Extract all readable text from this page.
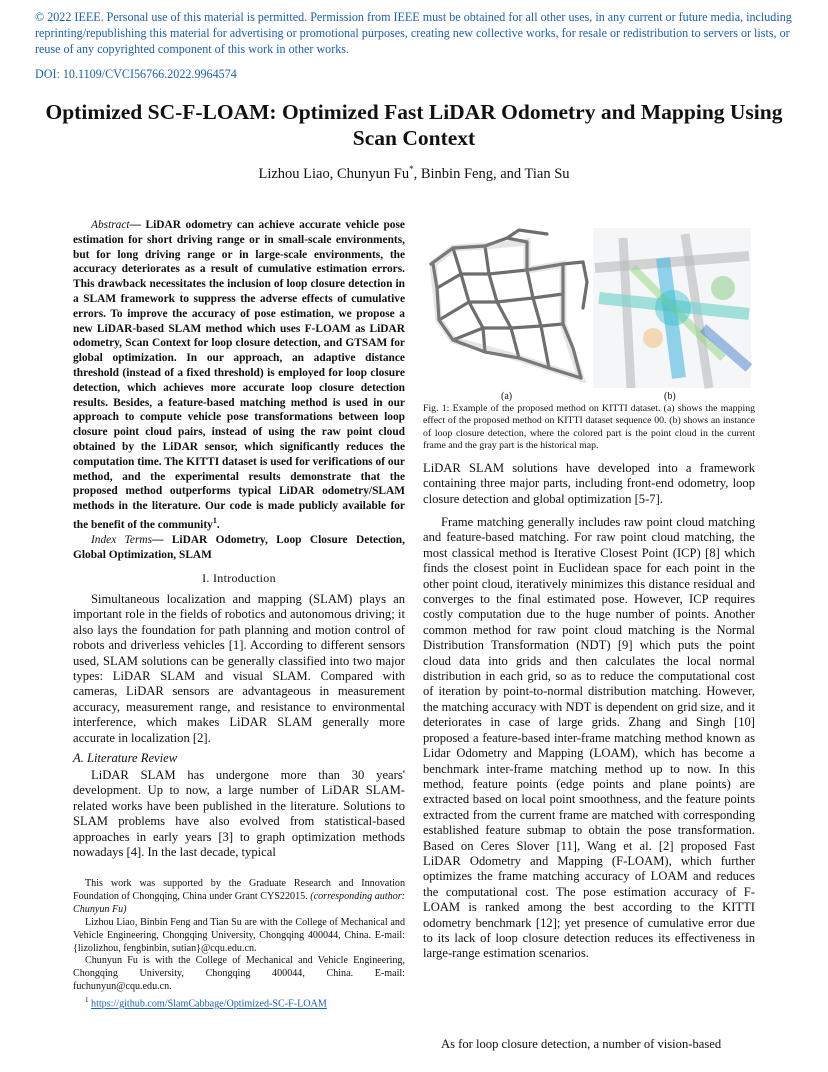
© 2022 IEEE. Personal use of this material is permitted. Permission from IEEE must be obtained for all other uses, in any current or future media, including reprinting/republishing this material for advertising or promotional purposes, creating new collective works, for resale or redistribution to servers or lists, or reuse of any copyrighted component of this work in other works.
DOI: 10.1109/CVCI56766.2022.9964574
Optimized SC-F-LOAM: Optimized Fast LiDAR Odometry and Mapping Using Scan Context
Lizhou Liao, Chunyun Fu*, Binbin Feng, and Tian Su
Abstract— LiDAR odometry can achieve accurate vehicle pose estimation for short driving range or in small-scale environments, but for long driving range or in large-scale environments, the accuracy deteriorates as a result of cumulative estimation errors. This drawback necessitates the inclusion of loop closure detection in a SLAM framework to suppress the adverse effects of cumulative errors. To improve the accuracy of pose estimation, we propose a new LiDAR-based SLAM method which uses F-LOAM as LiDAR odometry, Scan Context for loop closure detection, and GTSAM for global optimization. In our approach, an adaptive distance threshold (instead of a fixed threshold) is employed for loop closure detection, which achieves more accurate loop closure detection results. Besides, a feature-based matching method is used in our approach to compute vehicle pose transformations between loop closure point cloud pairs, instead of using the raw point cloud obtained by the LiDAR sensor, which significantly reduces the computation time. The KITTI dataset is used for verifications of our method, and the experimental results demonstrate that the proposed method outperforms typical LiDAR odometry/SLAM methods in the literature. Our code is made publicly available for the benefit of the community$^1$.
Index Terms— LiDAR Odometry, Loop Closure Detection, Global Optimization, SLAM
I. Introduction

Simultaneous localization and mapping (SLAM) plays an important role in the fields of robotics and autonomous driving; it also lays the foundation for path planning and motion control of robots and driverless vehicles [1]. According to different sensors used, SLAM solutions can be generally classified into two major types: LiDAR SLAM and visual SLAM. Compared with cameras, LiDAR sensors are advantageous in measurement accuracy, measurement range, and resistance to environmental interference, which makes LiDAR SLAM generally more accurate in localization [2].

A. Literature Review

LiDAR SLAM has undergone more than 30 years' development. Up to now, a large number of LiDAR SLAM-related works have been published in the literature. Solutions to SLAM problems have also evolved from statistical-based approaches in early years [3] to graph optimization methods nowadays [4]. In the last decade, typical

This work was supported by the Graduate Research and Innovation Foundation of Chongqing, China under Grant CYS22015. (corresponding author: Chunyun Fu)

Lizhou Liao, Binbin Feng and Tian Su are with the College of Mechanical and Vehicle Engineering, Chongqing University, Chongqing 400044, China. E-mail: {lizolizhou, fengbinbin, sutian}@cqu.edu.cn.

Chunyun Fu is with the College of Mechanical and Vehicle Engineering, Chongqing University, Chongqing 400044, China. E-mail: fuchunyun@cqu.edu.cn.

$^1$ https://github.com/SlamCabbage/Optimized-SC-F-LOAM

(a)	(b)
Fig. 1: Example of the proposed method on KITTI dataset. (a) shows the mapping effect of the proposed method on KITTI dataset sequence 00. (b) shows an instance of loop closure detection, where the colored part is the point cloud in the current frame and the gray part is the historical map.

LiDAR SLAM solutions have developed into a framework containing three major parts, including front-end odometry, loop closure detection and global optimization [5-7].

Frame matching generally includes raw point cloud matching and feature-based matching. For raw point cloud matching, the most classical method is Iterative Closest Point (ICP) [8] which finds the closest point in Euclidean space for each point in the other point cloud, iteratively minimizes this distance residual and converges to the final estimated pose. However, ICP requires costly computation due to the huge number of points. Another common method for raw point cloud matching is the Normal Distribution Transformation (NDT) [9] which puts the point cloud data into grids and then calculates the local normal distribution in each grid, so as to reduce the computational cost of iteration by point-to-normal distribution matching. However, the matching accuracy with NDT is dependent on grid size, and it deteriorates in case of large grids. Zhang and Singh [10] proposed a feature-based inter-frame matching method known as Lidar Odometry and Mapping (LOAM), which has become a benchmark inter-frame matching method up to now. In this method, feature points (edge points and plane points) are extracted based on local point smoothness, and the feature points extracted from the current frame are matched with corresponding established feature submap to obtain the pose transformation. Based on Ceres Slover [11], Wang et al. [2] proposed Fast LiDAR Odometry and Mapping (F-LOAM), which further optimizes the frame matching accuracy of LOAM and reduces the computational cost. The pose estimation accuracy of F-LOAM is ranked among the best according to the KITTI odometry benchmark [12]; yet presence of cumulative error due to its lack of loop closure detection reduces its effectiveness in large-range estimation scenarios.

As for loop closure detection, a number of vision-based
